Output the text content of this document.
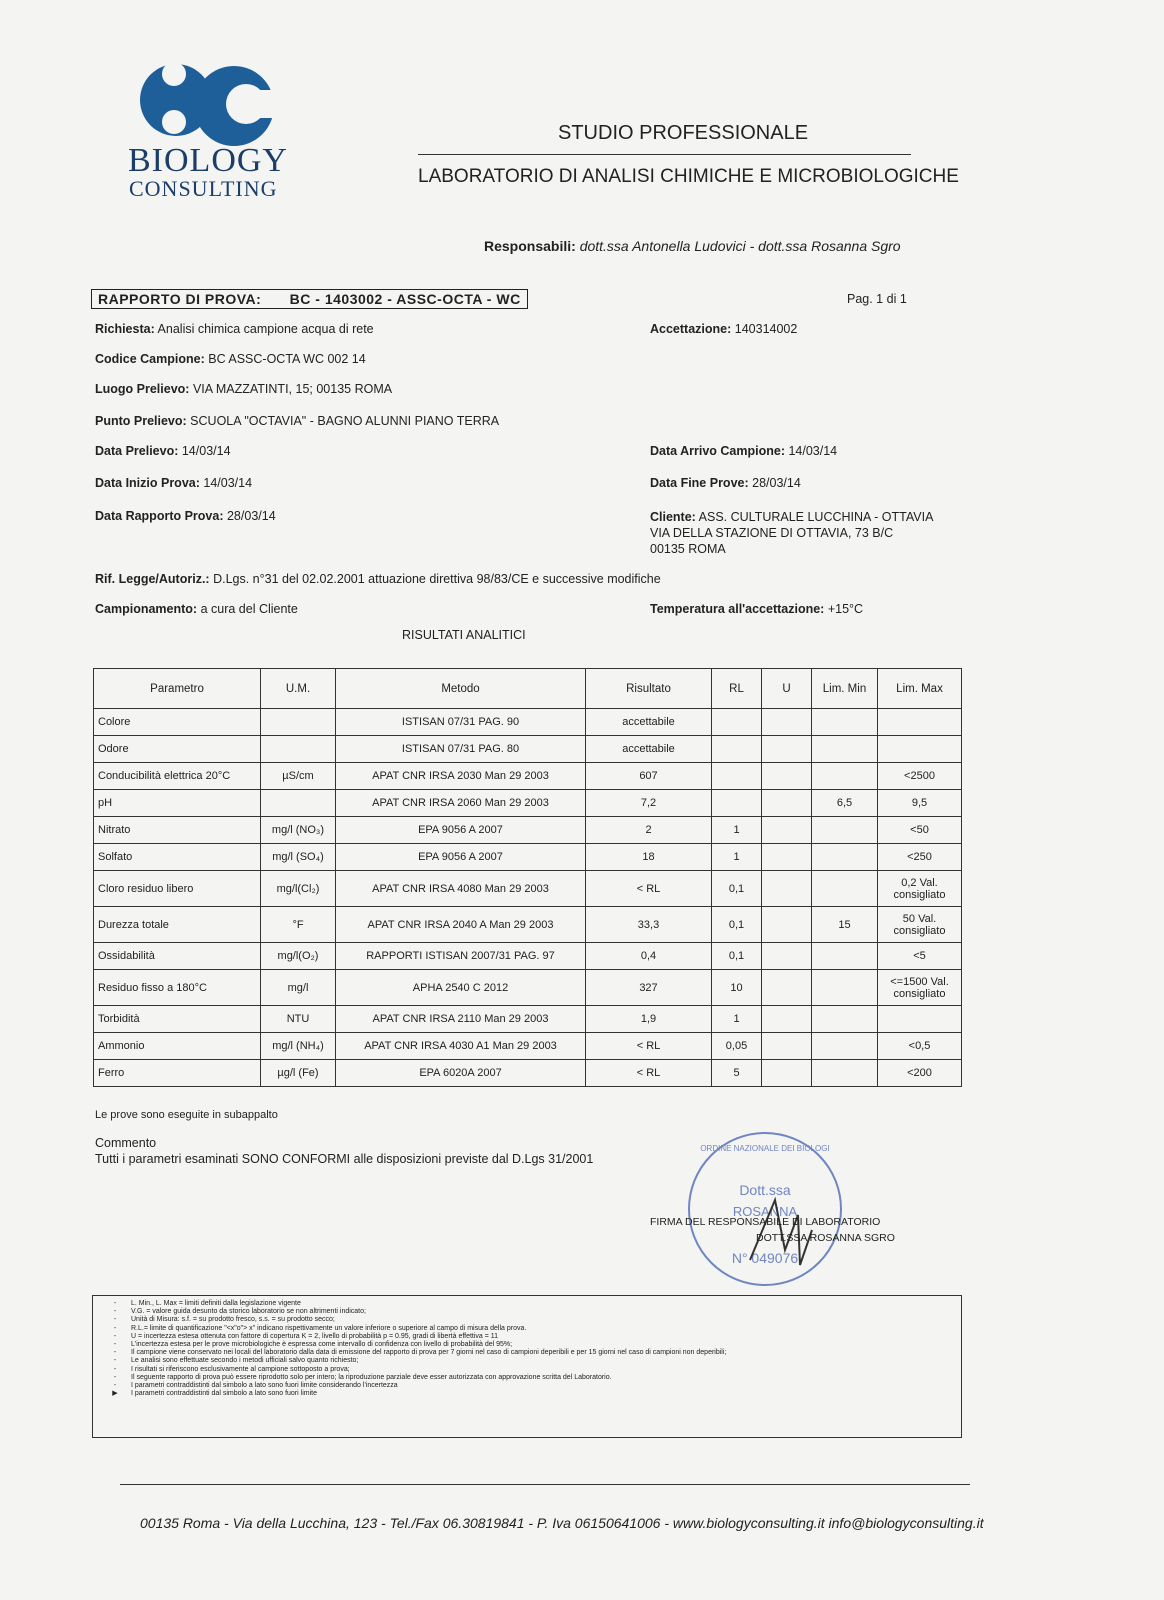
BIOLOGY
CONSULTING
STUDIO PROFESSIONALE
LABORATORIO DI ANALISI CHIMICHE E MICROBIOLOGICHE
Responsabili: dott.ssa Antonella Ludovici - dott.ssa Rosanna Sgro
RAPPORTO DI PROVA: BC - 1403002 - ASSC-OCTA - WC	Pag. 1 di 1
Richiesta: Analisi chimica campione acqua di rete	Accettazione: 140314002
Codice Campione: BC ASSC-OCTA WC 002 14
Luogo Prelievo: VIA MAZZATINTI, 15; 00135 ROMA
Punto Prelievo: SCUOLA "OCTAVIA" - BAGNO ALUNNI PIANO TERRA
Data Prelievo: 14/03/14	Data Arrivo Campione: 14/03/14
Data Inizio Prova: 14/03/14	Data Fine Prove: 28/03/14
Data Rapporto Prova: 28/03/14	Cliente: ASS. CULTURALE LUCCHINA - OTTAVIA
VIA DELLA STAZIONE DI OTTAVIA, 73 B/C
00135 ROMA
Rif. Legge/Autoriz.: D.Lgs. n°31 del 02.02.2001 attuazione direttiva 98/83/CE e successive modifiche
Campionamento: a cura del Cliente	Temperatura all'accettazione: +15°C
RISULTATI ANALITICI
Parametro	U.M.	Metodo	Risultato	RL	U	Lim. Min	Lim. Max
Colore		ISTISAN 07/31 PAG. 90	accettabile				
Odore		ISTISAN 07/31 PAG. 80	accettabile				
Conducibilità elettrica 20°C	µS/cm	APAT CNR IRSA 2030 Man 29 2003	607				<2500
pH		APAT CNR IRSA 2060 Man 29 2003	7,2			6,5	9,5
Nitrato	mg/l (NO₃)	EPA 9056 A 2007	2	1			<50
Solfato	mg/l (SO₄)	EPA 9056 A 2007	18	1			<250
Cloro residuo libero	mg/l(Cl₂)	APAT CNR IRSA 4080 Man 29 2003	< RL	0,1			0,2 Val. consigliato
Durezza totale	°F	APAT CNR IRSA 2040 A Man 29 2003	33,3	0,1		15	50 Val. consigliato
Ossidabilità	mg/l(O₂)	RAPPORTI ISTISAN 2007/31 PAG. 97	0,4	0,1			<5
Residuo fisso a 180°C	mg/l	APHA 2540 C 2012	327	10			<=1500 Val. consigliato
Torbidità	NTU	APAT CNR IRSA 2110 Man 29 2003	1,9	1			
Ammonio	mg/l (NH₄)	APAT CNR IRSA 4030 A1 Man 29 2003	< RL	0,05			<0,5
Ferro	µg/l (Fe)	EPA 6020A 2007	< RL	5			<200
Le prove sono eseguite in subappalto
Commento
Tutti i parametri esaminati SONO CONFORMI alle disposizioni previste dal D.Lgs 31/2001
ORDINE NAZIONALE DEI BIOLOGI
Dott.ssa
ROSANNA
N° 049076
FIRMA DEL RESPONSABILE DI LABORATORIO
DOTT.SSA ROSANNA SGRO
-	L. Min., L. Max = limiti definiti dalla legislazione vigente
-	V.G. = valore guida desunto da storico laboratorio se non altrimenti indicato;
-	Unità di Misura: s.f. = su prodotto fresco, s.s. = su prodotto secco;
-	R.L.= limite di quantificazione "<x"o"> x" indicano rispettivamente un valore inferiore o superiore al campo di misura della prova.
-	U = incertezza estesa ottenuta con fattore di copertura K = 2, livello di probabilità p = 0.95, gradi di libertà effettiva = 11
-	L'incertezza estesa per le prove microbiologiche è espressa come intervallo di confidenza con livello di probabilità del 95%;
-	Il campione viene conservato nei locali del laboratorio dalla data di emissione del rapporto di prova per 7 giorni nel caso di campioni deperibili e per 15 giorni nel caso di campioni non deperibili;
-	Le analisi sono effettuate secondo i metodi ufficiali salvo quanto richiesto;
-	I risultati si riferiscono esclusivamente al campione sottoposto a prova;
-	Il seguente rapporto di prova può essere riprodotto solo per intero; la riproduzione parziale deve esser autorizzata con approvazione scritta del Laboratorio.
-	I parametri contraddistinti dal simbolo a lato sono fuori limite considerando l'incertezza
▶	I parametri contraddistinti dal simbolo a lato sono fuori limite
00135 Roma - Via della Lucchina, 123 - Tel./Fax 06.30819841 - P. Iva 06150641006 - www.biologyconsulting.it info@biologyconsulting.it
